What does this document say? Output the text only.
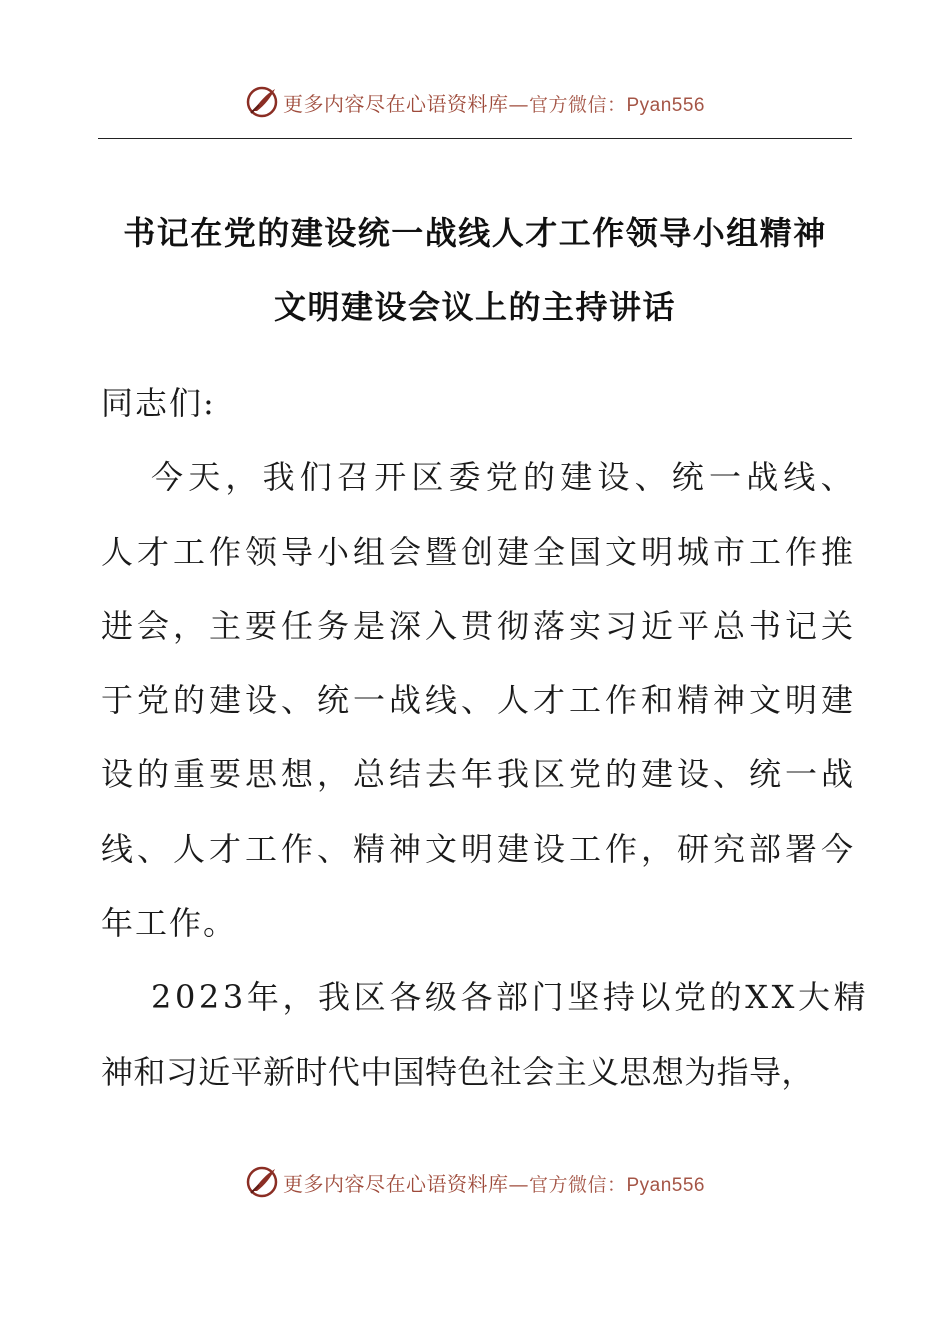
更多内容尽在心语资料库—官方微信：Pyan556
书记在党的建设统一战线人才工作领导小组精神
文明建设会议上的主持讲话
同志们:
今天，我们召开区委党的建设、统一战线、
人才工作领导小组会暨创建全国文明城市工作推
进会，主要任务是深入贯彻落实习近平总书记关
于党的建设、统一战线、人才工作和精神文明建
设的重要思想，总结去年我区党的建设、统一战
线、人才工作、精神文明建设工作，研究部署今
年工作。
2023年，我区各级各部门坚持以党的XX大精
神和习近平新时代中国特色社会主义思想为指导，
更多内容尽在心语资料库—官方微信：Pyan556
